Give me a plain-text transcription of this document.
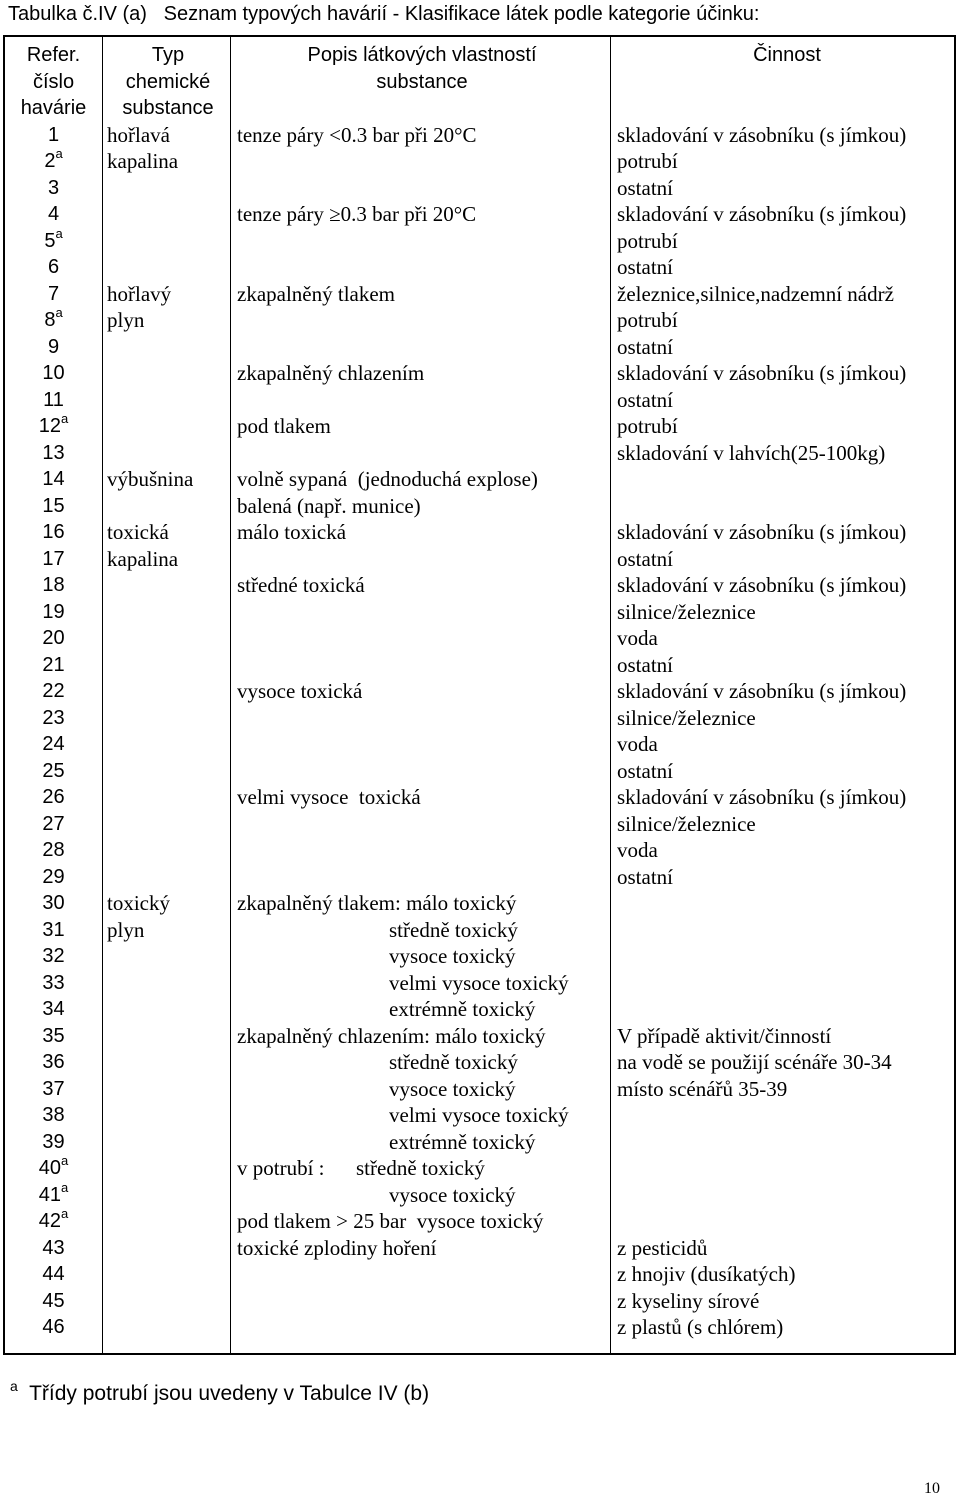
Tabulka č.IV (a)   Seznam typových havárií - Klasifikace látek podle kategorie účinku:
Refer.
číslo
havárie
1
2$^a$
3
4
5$^a$
6
7
8$^a$
9
10
11
12$^a$
13
14
15
16
17
18
19
20
21
22
23
24
25
26
27
28
29
30
31
32
33
34
35
36
37
38
39
40$^a$
41$^a$
42$^a$
43
44
45
46
Typ
chemické
substance
hořlavá
kapalina
hořlavý
plyn
výbušnina
toxická
kapalina
toxický
plyn
Popis látkových vlastností
substance
tenze páry <0.3 bar při 20°C
tenze páry ≥0.3 bar při 20°C
zkapalněný tlakem
zkapalněný chlazením
pod tlakem
volně sypaná  (jednoduchá explose)
balená (např. munice)
málo toxická
středné toxická
vysoce toxická
velmi vysoce  toxická
zkapalněný tlakem: málo toxický
středně toxický
vysoce toxický
velmi vysoce toxický
extrémně toxický
zkapalněný chlazením: málo toxický
středně toxický
vysoce toxický
velmi vysoce toxický
extrémně toxický
v potrubí :      středně toxický
vysoce toxický
pod tlakem > 25 bar  vysoce toxický
toxické zplodiny hoření
Činnost
skladování v zásobníku (s jímkou)
potrubí
ostatní
skladování v zásobníku (s jímkou)
potrubí
ostatní
železnice,silnice,nadzemní nádrž
potrubí
ostatní
skladování v zásobníku (s jímkou)
ostatní
potrubí
skladování v lahvích(25-100kg)
skladování v zásobníku (s jímkou)
ostatní
skladování v zásobníku (s jímkou)
silnice/železnice
voda
ostatní
skladování v zásobníku (s jímkou)
silnice/železnice
voda
ostatní
skladování v zásobníku (s jímkou)
silnice/železnice
voda
ostatní
V případě aktivit/činností
na vodě se použijí scénáře 30-34
místo scénářů 35-39
z pesticidů
z hnojiv (dusíkatých)
z kyseliny sírové
z plastů (s chlórem)
$^a$  Třídy potrubí jsou uvedeny v Tabulce IV (b)
10
